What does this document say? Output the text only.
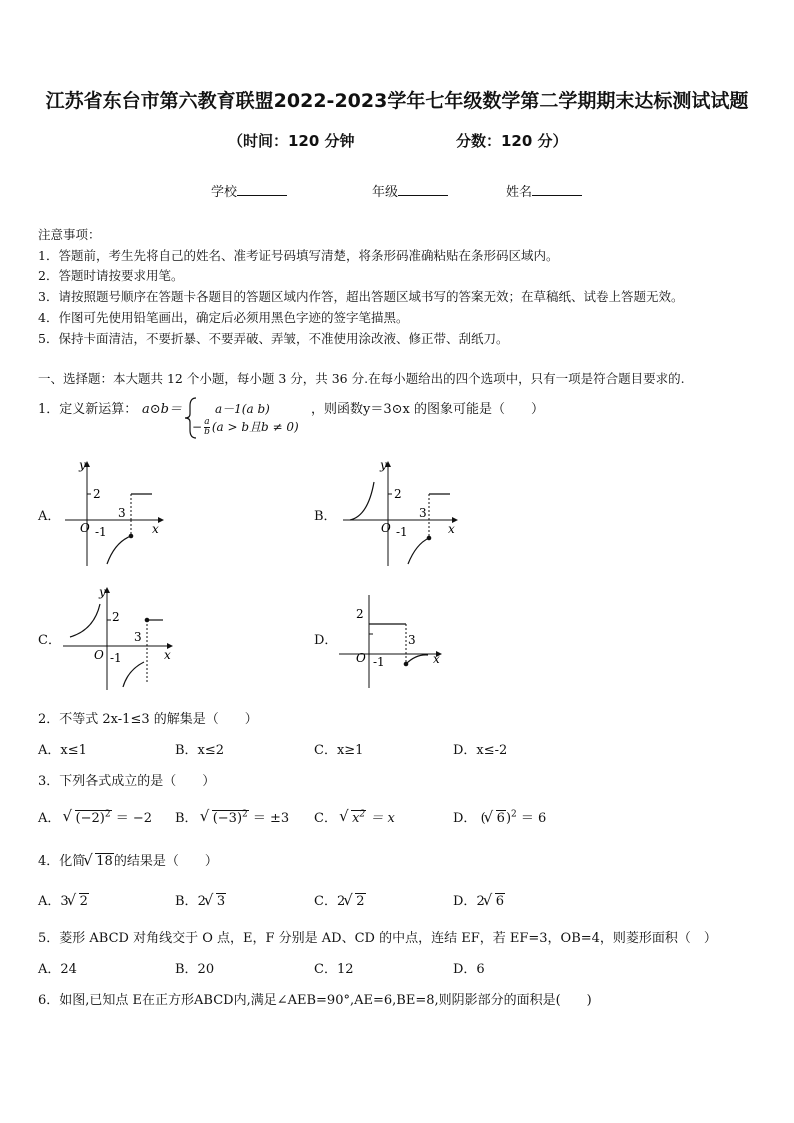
江苏省东台市第六教育联盟2022-2023学年七年级数学第二学期期末达标测试试题
（时间：120 分钟	分数：120 分）
学校	年级	姓名
注意事项：
1．答题前，考生先将自己的姓名、准考证号码填写清楚，将条形码准确粘贴在条形码区域内。
2．答题时请按要求用笔。
3．请按照题号顺序在答题卡各题目的答题区域内作答，超出答题区域书写的答案无效；在草稿纸、试卷上答题无效。
4．作图可先使用铅笔画出，确定后必须用黑色字迹的签字笔描黑。
5．保持卡面清洁，不要折暴、不要弄破、弄皱，不准使用涂改液、修正带、刮纸刀。
一、选择题：本大题共 12 个小题，每小题 3 分，共 36 分.在每小题给出的四个选项中，只有一项是符合题目要求的.
1．定义新运算： a⊙b＝	a－1(a b)
− $\frac{a}{b} (a > b$且b ≠ 0)
，则函数y＝3⊙x 的图象可能是（　　）
A．
y
x
O
2
3
-1
B．
y
x
O
2
3
-1
C．
y
x
O
2
3
-1
D．
2
x
O
3
-1
2．不等式 2x-1≤3 的解集是（　　）
A．x≤1	B．x≤2	C．x≥1	D．x≤-2
3．下列各式成立的是（　　）
A． √ $(-2)^2 = -2$ B． √ $(-3)^2 = \pm 3$ C． √ $x^2 = x$	D． ( √ 6)$^2$ ＝ 6
4．化简 √ 18的结果是（　　）
A．3 √ 2	B．2 √ 3	C．2 √ 2	D．2 √ 6
5．菱形 ABCD 对角线交于 O 点，E，F 分别是 AD、CD 的中点，连结 EF，若 EF=3，OB=4，则菱形面积（　）
A．24	B．20	C．12	D．6
6．如图,已知点 E在正方形ABCD内,满足∠AEB=90°,AE=6,BE=8,则阴影部分的面积是(　　)
